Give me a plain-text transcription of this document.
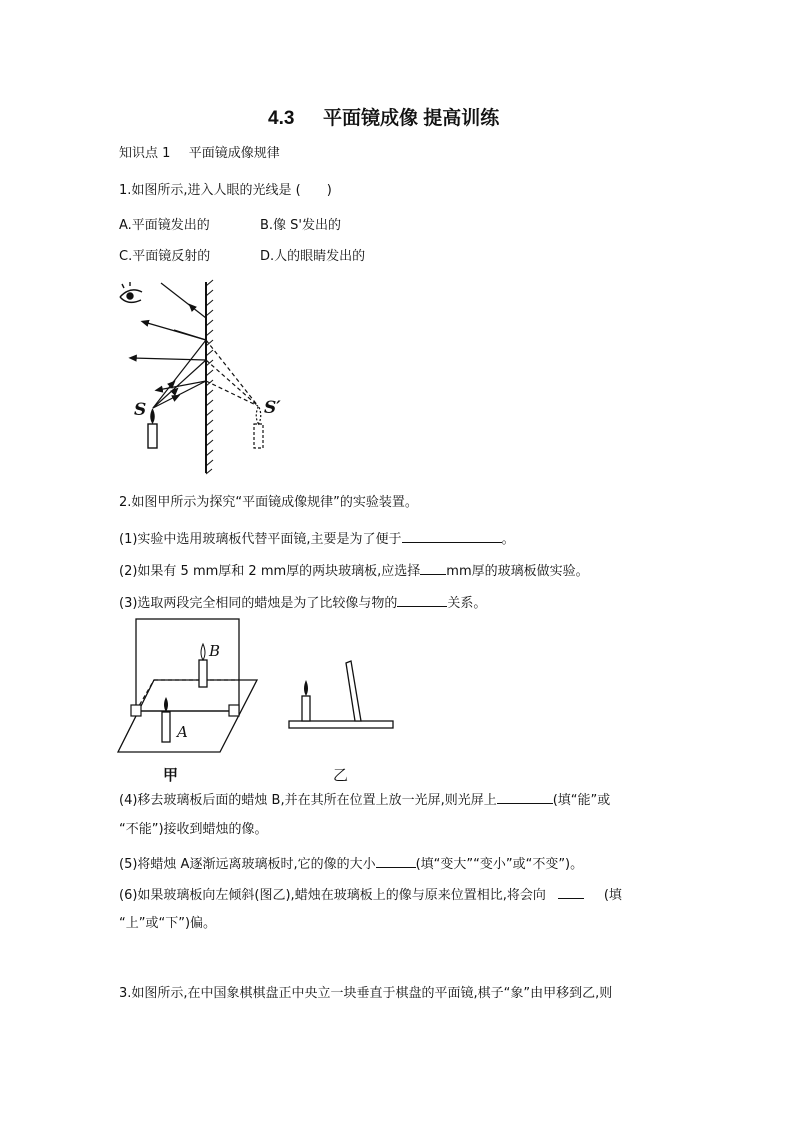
4.3 平面镜成像 提高训练
知识点 1 平面镜成像规律
1.如图所示,进入人眼的光线是 (　　)
A.平面镜发出的	B.像 S'发出的
C.平面镜反射的	D.人的眼睛发出的
S	S′
2.如图甲所示为探究“平面镜成像规律”的实验装置。
(1)实验中选用玻璃板代替平面镜,主要是为了便于	。
(2)如果有 5 mm厚和 2 mm厚的两块玻璃板,应选择 mm厚的玻璃板做实验。
(3)选取两段完全相同的蜡烛是为了比较像与物的	关系。
A
B
甲	乙
(4)移去玻璃板后面的蜡烛 B,并在其所在位置上放一光屏,则光屏上	(填“能”或
“不能”)接收到蜡烛的像。
(5)将蜡烛 A逐渐远离玻璃板时,它的像的大小	(填“变大”“变小”或“不变”)。
(6)如果玻璃板向左倾斜(图乙),蜡烛在玻璃板上的像与原来位置相比,将会向	(填
“上”或“下”)偏。
3.如图所示,在中国象棋棋盘正中央立一块垂直于棋盘的平面镜,棋子“象”由甲移到乙,则
